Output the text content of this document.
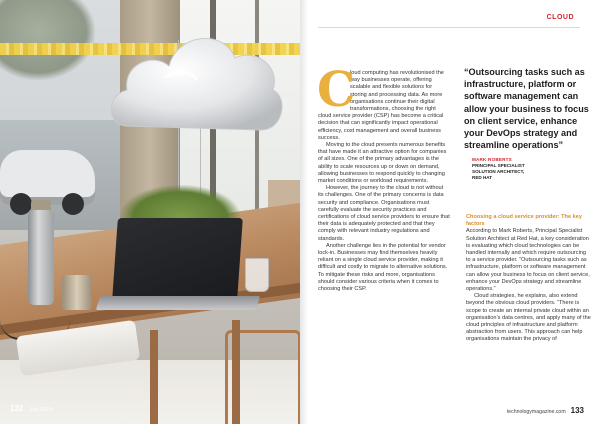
132 July 2024
CLOUD
C

loud computing has revolutionised the way businesses operate, offering scalable and flexible solutions for storing and processing data. As more organisations continue their digital transformations, choosing the right cloud service provider (CSP) has become a critical decision that can significantly impact operational efficiency, cost management and overall business success.

Moving to the cloud presents numerous benefits that have made it an attractive option for companies of all sizes. One of the primary advantages is the ability to scale resources up or down on demand, allowing businesses to respond quickly to changing market conditions or workload requirements.

However, the journey to the cloud is not without its challenges. One of the primary concerns is data security and compliance. Organisations must carefully evaluate the security practices and certifications of cloud service providers to ensure that their data is adequately protected and that they comply with relevant industry regulations and standards.

Another challenge lies in the potential for vendor lock-in. Businesses may find themselves heavily reliant on a single cloud service provider, making it difficult and costly to migrate to alternative solutions. To mitigate these risks and more, organisations should consider various criteria when it comes to choosing their CSP.

“Outsourcing tasks such as infrastructure, platform or software management can allow your business to focus on client service, enhance your DevOps strategy and streamline operations”

MARK ROBERTS
PRINCIPAL SPECIALIST
SOLUTION ARCHITECT,
RED HAT

Choosing a cloud service provider: The key factors

According to Mark Roberts, Principal Specialist Solution Architect at Red Hat, a key consideration is evaluating which cloud technologies can be handled internally and which require outsourcing to a service provider. “Outsourcing tasks such as infrastructure, platform or software management can allow your business to focus on client service, enhance your DevOps strategy and streamline operations.”

Cloud strategies, he explains, also extend beyond the obvious cloud providers. “There is scope to create an internal private cloud within an organisation’s data centres, and apply many of the cloud principles of infrastructure and platform abstraction from users. This approach can help organisations maintain the privacy of

technologymagazine.com 133
